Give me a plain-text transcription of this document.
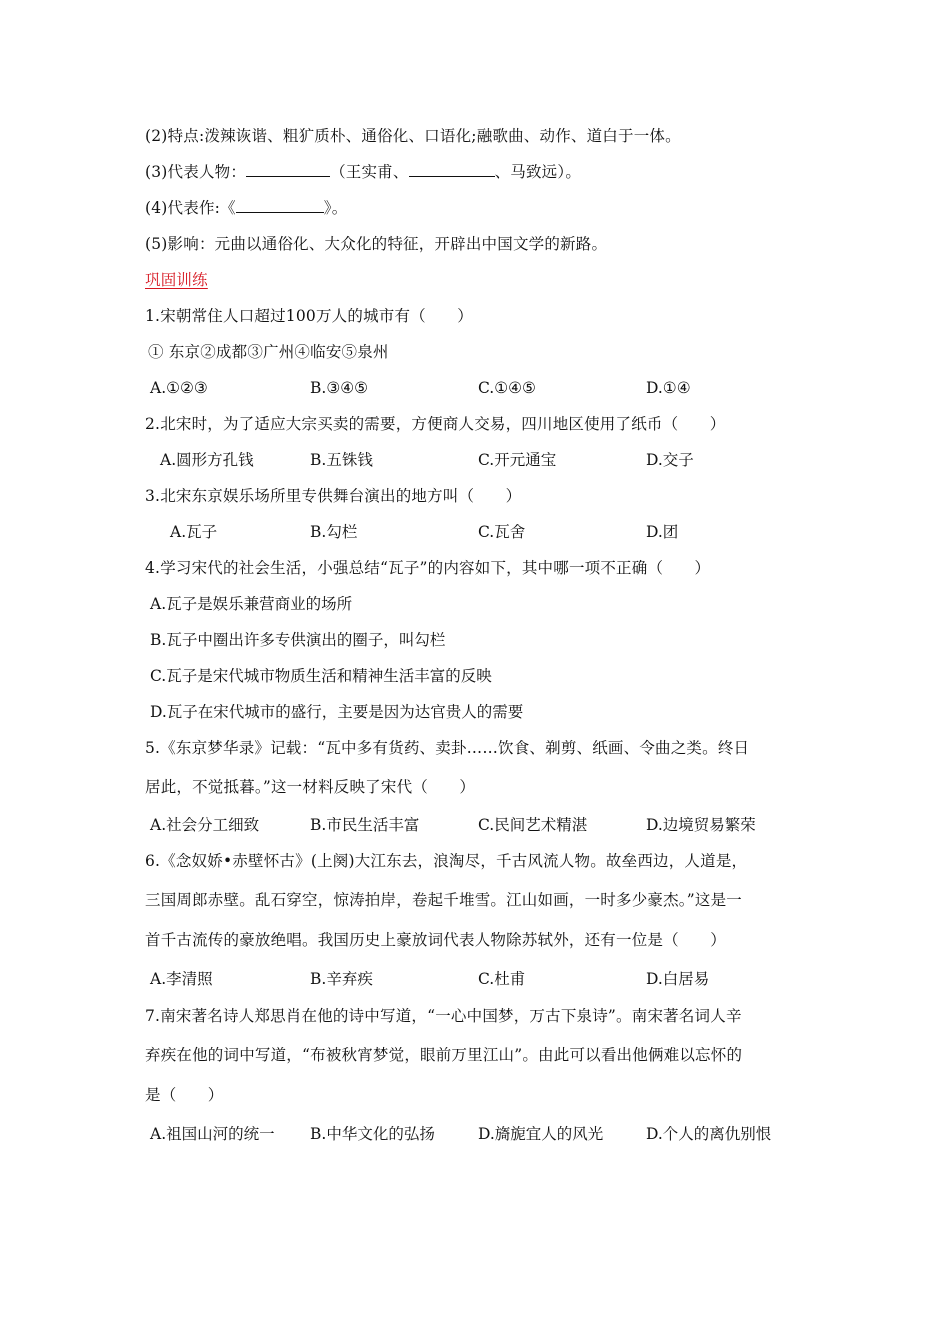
(2)特点:泼辣诙谐、粗犷质朴、通俗化、口语化;融歌曲、动作、道白于一体。
(3)代表人物：	（王实甫、	、马致远）。
(4)代表作:《	》。
(5)影响：元曲以通俗化、大众化的特征，开辟出中国文学的新路。
巩固训练
1.宋朝常住人口超过100万人的城市有（　　）
① 东京②成都③广州④临安⑤泉州
A.①②③	B.③④⑤	C.①④⑤	D.①④
2.北宋时，为了适应大宗买卖的需要，方便商人交易，四川地区使用了纸币（　　）
A.圆形方孔钱	B.五铢钱	C.开元通宝	D.交子
3.北宋东京娱乐场所里专供舞台演出的地方叫（　　）
A.瓦子	B.勾栏	C.瓦舍	D.团
4.学习宋代的社会生活，小强总结“瓦子”的内容如下，其中哪一项不正确（　　）
A.瓦子是娱乐兼营商业的场所
B.瓦子中圈出许多专供演出的圈子，叫勾栏
C.瓦子是宋代城市物质生活和精神生活丰富的反映
D.瓦子在宋代城市的盛行，主要是因为达官贵人的需要
5.《东京梦华录》记载：“瓦中多有货药、卖卦……饮食、剃剪、纸画、令曲之类。终日
居此，不觉抵暮。”这一材料反映了宋代（　　）
A.社会分工细致	B.市民生活丰富	C.民间艺术精湛	D.边境贸易繁荣
6.《念奴娇•赤壁怀古》(上阕)大江东去，浪淘尽，千古风流人物。故垒西边，人道是，
三国周郎赤壁。乱石穿空，惊涛拍岸，卷起千堆雪。江山如画，一时多少豪杰。”这是一
首千古流传的豪放绝唱。我国历史上豪放词代表人物除苏轼外，还有一位是（　　）
A.李清照	B.辛弃疾	C.杜甫	D.白居易
7.南宋著名诗人郑思肖在他的诗中写道，“一心中国梦，万古下泉诗”。南宋著名词人辛
弃疾在他的词中写道，“布被秋宵梦觉，眼前万里江山”。由此可以看出他俩难以忘怀的
是（　　）
A.祖国山河的统一 B.中华文化的弘扬	D.旖旎宜人的风光	D.个人的离仇别恨
